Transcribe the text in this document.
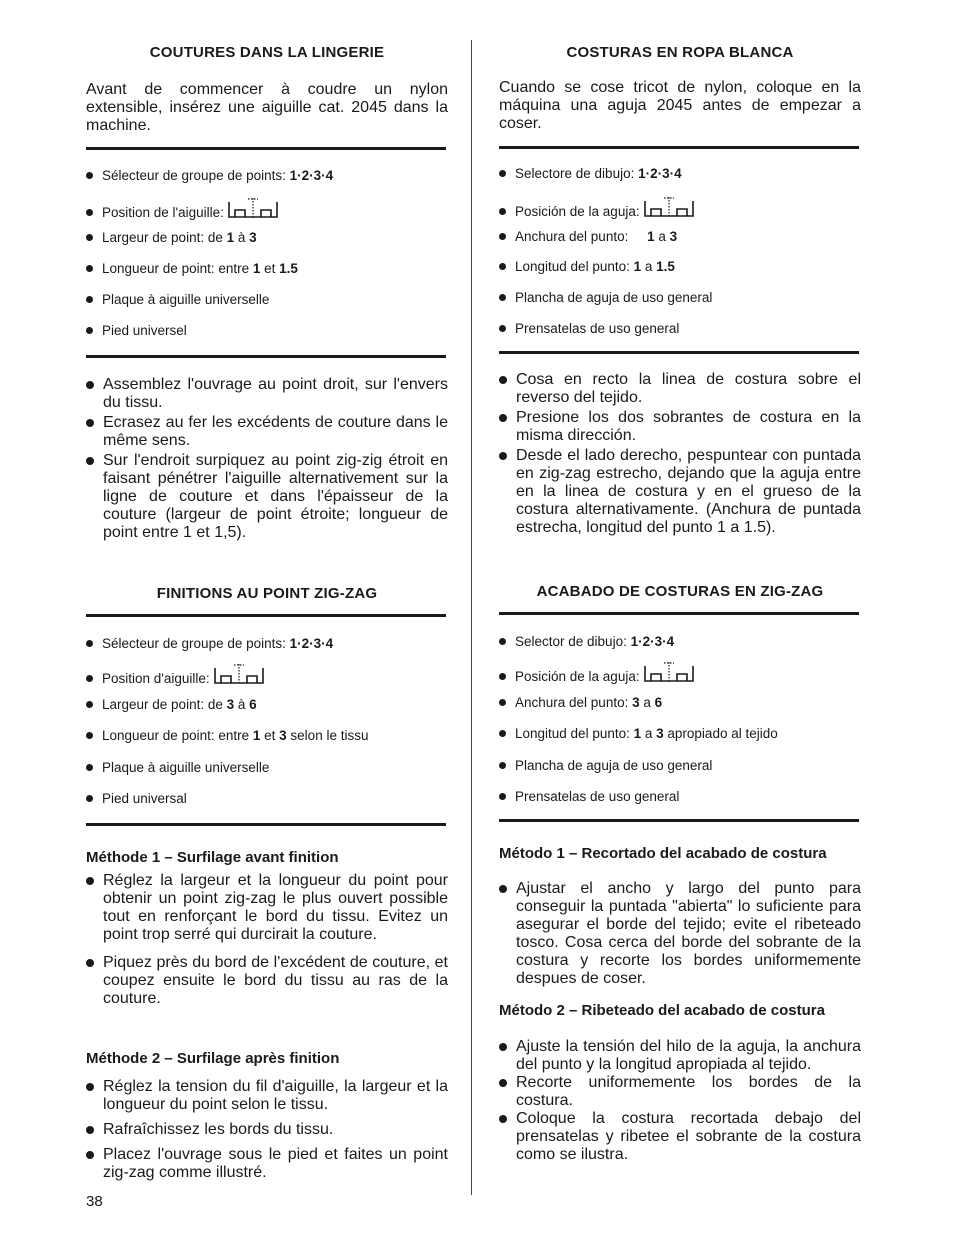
COUTURES DANS LA LINGERIE

Avant de commencer à coudre un nylon extensible, insérez une aiguille cat. 2045 dans la machine.

Sélecteur de groupe de points: 1·2·3·4
Position de l'aiguille:
Largeur de point: de 1 à 3
Longueur de point: entre 1 et 1.5
Plaque à aiguille universelle
Pied universel
Assemblez l'ouvrage au point droit, sur l'envers du tissu.
Ecrasez au fer les excédents de couture dans le même sens.
Sur l'endroit surpiquez au point zig-zig étroit en faisant pénétrer l'aiguille alternativement sur la ligne de couture et dans l'épaisseur de la couture (largeur de point étroite; longueur de point entre 1 et 1,5).
FINITIONS AU POINT ZIG-ZAG
Sélecteur de groupe de points: 1·2·3·4
Position d'aiguille:
Largeur de point: de 3 à 6
Longueur de point: entre 1 et 3 selon le tissu
Plaque à aiguille universelle
Pied universal
Méthode 1 – Surfilage avant finition
Réglez la largeur et la longueur du point pour obtenir un point zig-zag le plus ouvert possible tout en renforçant le bord du tissu. Evitez un point trop serré qui durcirait la couture.
Piquez près du bord de l'excédent de couture, et coupez ensuite le bord du tissu au ras de la couture.
Méthode 2 – Surfilage après finition
Réglez la tension du fil d'aiguille, la largeur et la longueur du point selon le tissu.
Rafraîchissez les bords du tissu.
Placez l'ouvrage sous le pied et faites un point zig-zag comme illustré.
COSTURAS EN ROPA BLANCA

Cuando se cose tricot de nylon, coloque en la máquina una aguja 2045 antes de empezar a coser.

Selectore de dibujo: 1·2·3·4
Posición de la aguja:
Anchura del punto:     1 a 3
Longitud del punto: 1 a 1.5
Plancha de aguja de uso general
Prensatelas de uso general
Cosa en recto la linea de costura sobre el reverso del tejido.
Presione los dos sobrantes de costura en la misma dirección.
Desde el lado derecho, pespuntear con puntada en zig-zag estrecho, dejando que la aguja entre en la linea de costura y en el grueso de la costura alternativamente. (Anchura de puntada estrecha, longitud del punto 1 a 1.5).
ACABADO DE COSTURAS EN ZIG-ZAG
Selector de dibujo: 1·2·3·4
Posición de la aguja:
Anchura del punto: 3 a 6
Longitud del punto: 1 a 3 apropiado al tejido
Plancha de aguja de uso general
Prensatelas de uso general
Método 1 – Recortado del acabado de costura
Ajustar el ancho y largo del punto para conseguir la puntada "abierta" lo suficiente para asegurar el borde del tejido; evite el ribeteado tosco. Cosa cerca del borde del sobrante de la costura y recorte los bordes uniformemente despues de coser.
Método 2 – Ribeteado del acabado de costura
Ajuste la tensión del hilo de la aguja, la anchura del punto y la longitud apropiada al tejido.
Recorte uniformemente los bordes de la costura.
Coloque la costura recortada debajo del prensatelas y ribetee el sobrante de la costura como se ilustra.
38
